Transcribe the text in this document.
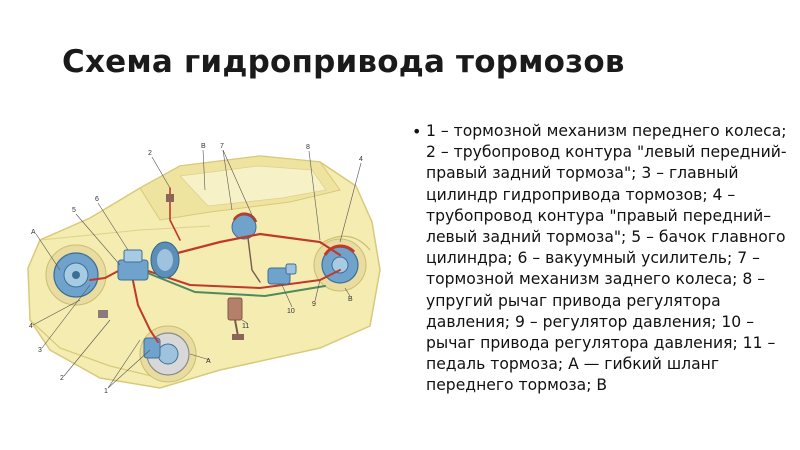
Схема гидропривода тормозов
2
B 7	8
4
6
5
A
4
3
2
1
A
11
10
9
B
• 1 – тормозной механизм переднего колеса; 2 – трубопровод контура "левый передний-правый задний тормоза"; 3 – главный цилиндр гидропривода тормозов; 4 – трубопровод контура "правый передний–левый задний тормоза"; 5 – бачок главного цилиндра; 6 – вакуумный усилитель; 7 – тормозной механизм заднего колеса; 8 – упругий рычаг привода регулятора давления; 9 – регулятор давления; 10 – рычаг привода регулятора давления; 11 – педаль тормоза; А — гибкий шланг переднего тормоза; В
